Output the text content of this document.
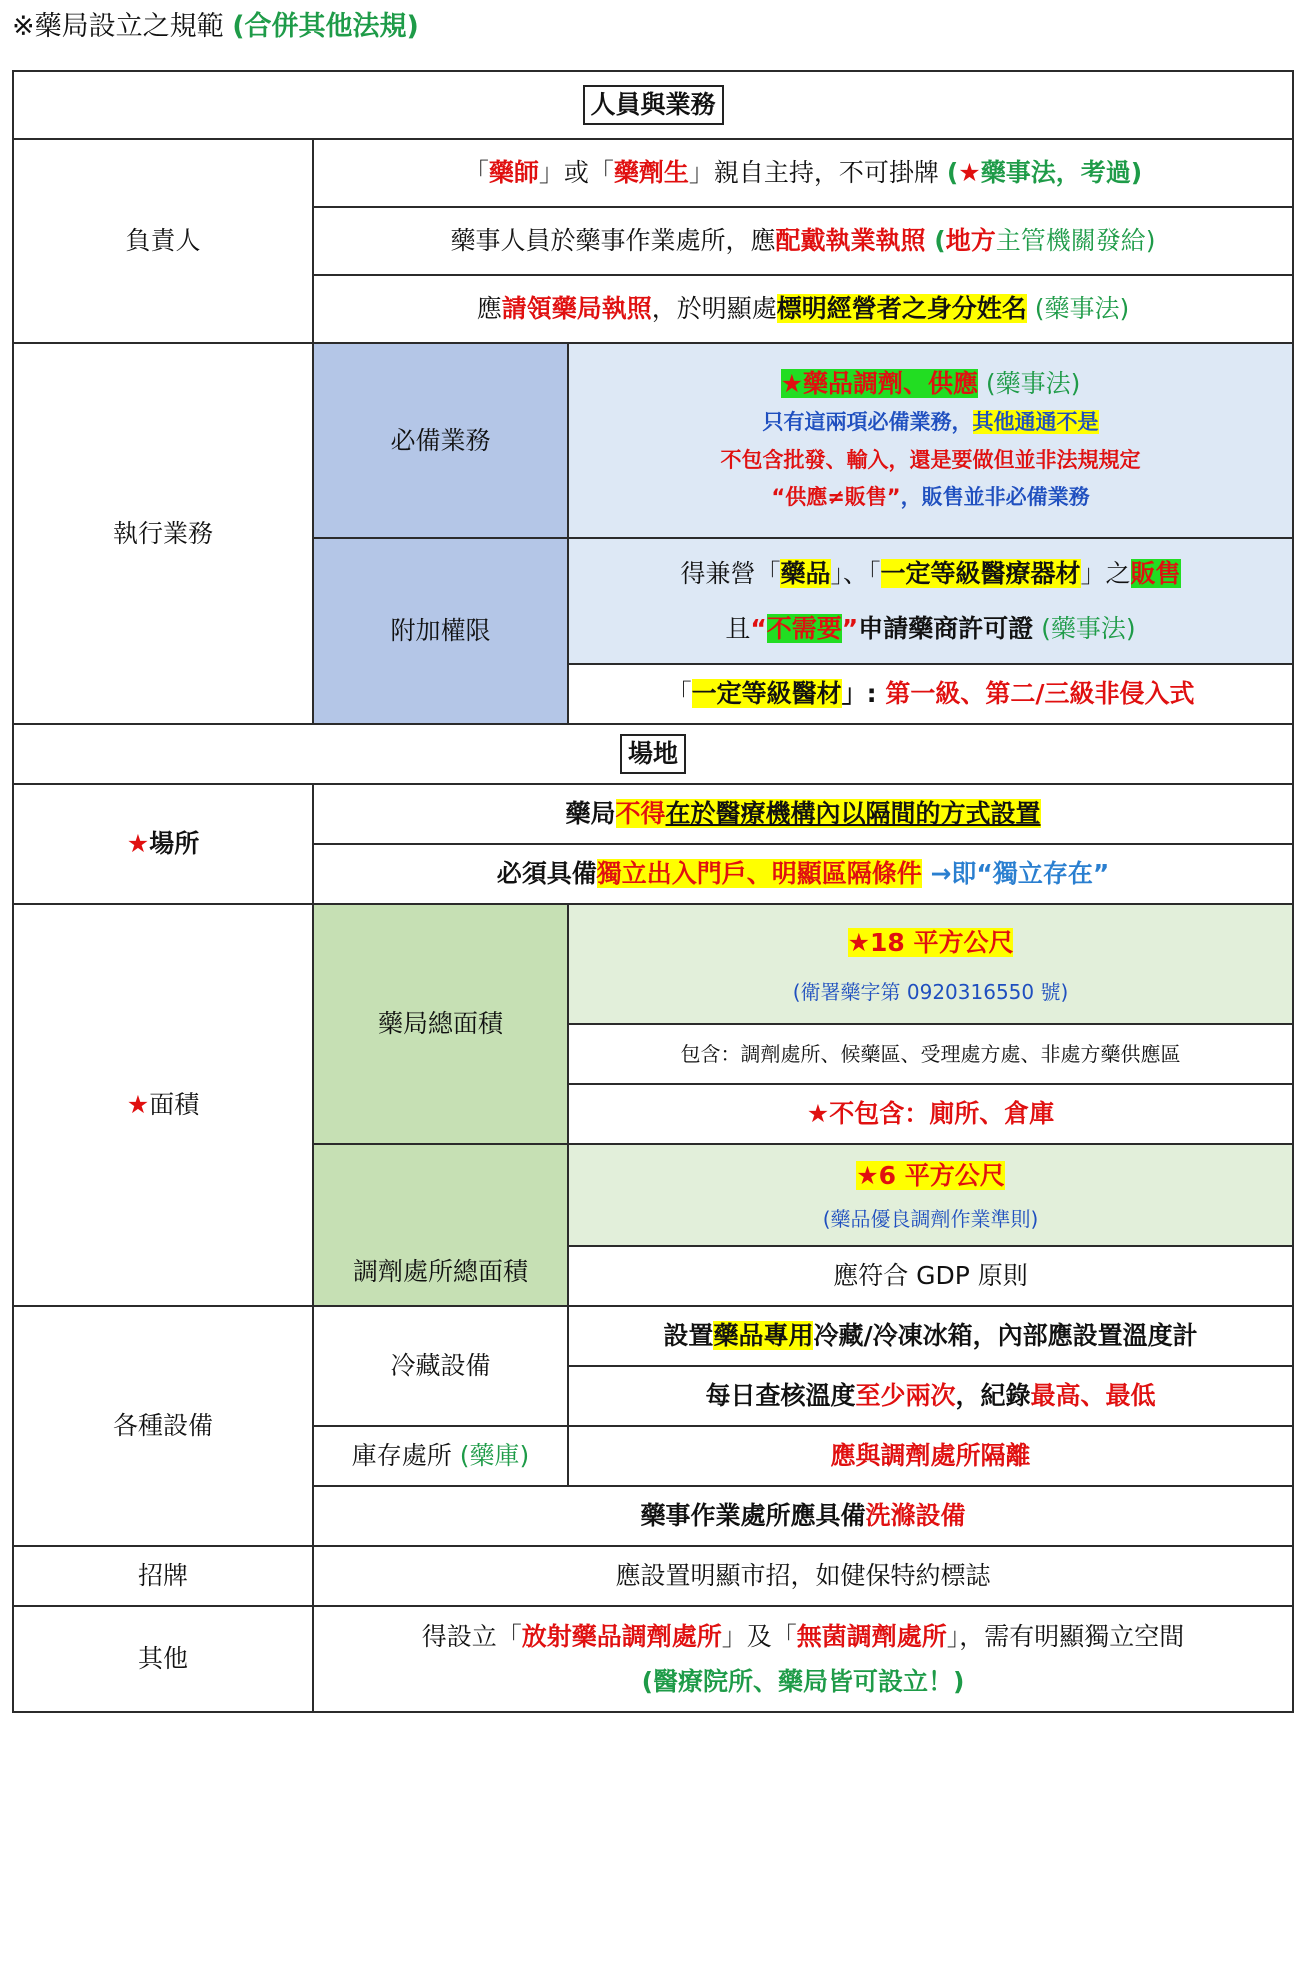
※藥局設立之規範 (合併其他法規)
人員與業務		
負責人	「藥師」或「藥劑生」親自主持，不可掛牌 (★藥事法，考過)	
	藥事人員於藥事作業處所，應配戴執業執照 (地方主管機關發給)	
	應請領藥局執照，於明顯處標明經營者之身分姓名 (藥事法)	
執行業務	必備業務	★藥品調劑、供應 (藥事法)
只有這兩項必備業務，其他通通不是
不包含批發、輸入，還是要做但並非法規規定
“供應≠販售”，販售並非必備業務

	附加權限	得兼營「藥品」、「一定等級醫療器材」之販售
且“不需要”申請藥商許可證 (藥事法)

		「一定等級醫材」: 第一級、第二/三級非侵入式
場地		
★場所	藥局不得在於醫療機構內以隔間的方式設置	
	必須具備獨立出入門戶、明顯區隔條件 →即“獨立存在”	
★面積	藥局總面積	★18 平方公尺
(衛署藥字第 0920316550 號)

		包含：調劑處所、候藥區、受理處方處、非處方藥供應區
		★不包含：廁所、倉庫
	調劑處所總面積	★6 平方公尺
(藥品優良調劑作業準則)

		應符合 GDP 原則
各種設備	冷藏設備	設置藥品專用冷藏/冷凍冰箱，內部應設置溫度計
		每日查核溫度至少兩次，紀錄最高、最低
	庫存處所 (藥庫)	應與調劑處所隔離
	藥事作業處所應具備洗滌設備	
招牌	應設置明顯市招，如健保特約標誌	
其他	得設立「放射藥品調劑處所」及「無菌調劑處所」，需有明顯獨立空間
(醫療院所、藥局皆可設立！)	
